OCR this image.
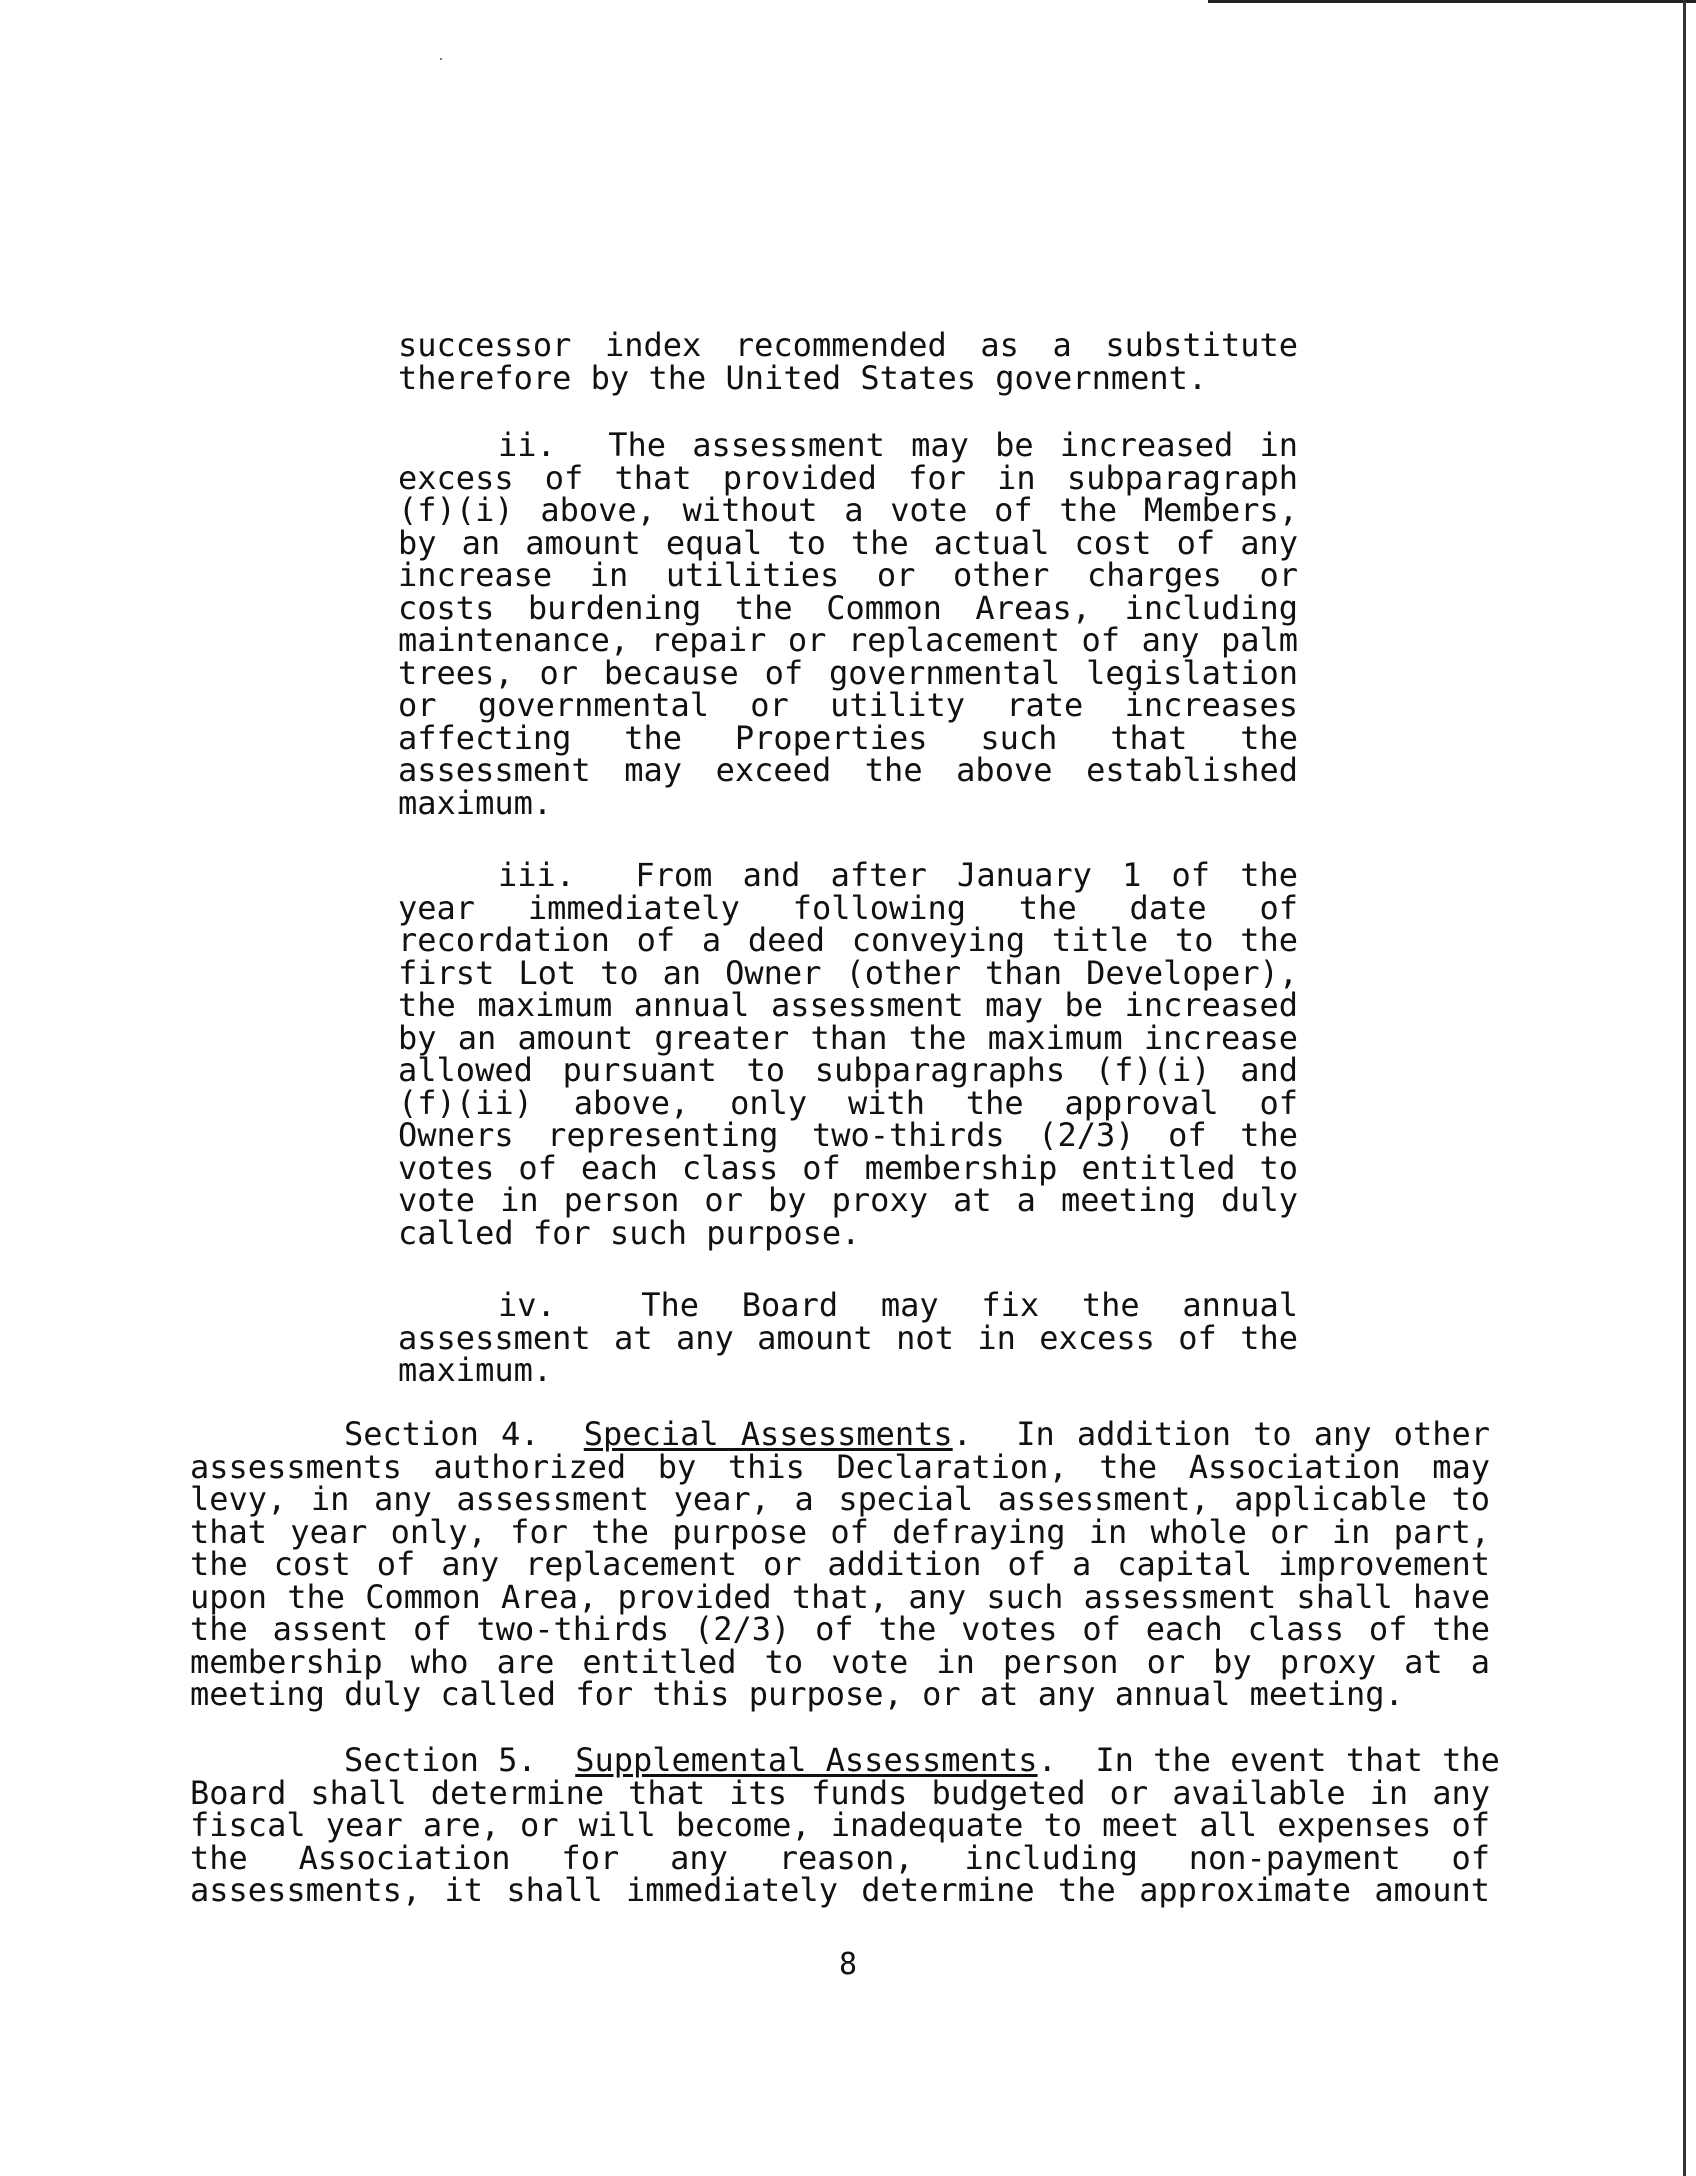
successor index recommended as a substitute
therefore by the United States government.
ii.  The assessment may be increased in
excess of that provided for in subparagraph
(f)(i) above, without a vote of the Members,
by an amount equal to the actual cost of any
increase in utilities or other charges or
costs burdening the Common Areas, including
maintenance, repair or replacement of any palm
trees, or because of governmental legislation
or governmental or utility rate increases
affecting the Properties such that the
assessment may exceed the above established
maximum.
iii.  From and after January 1 of the
year immediately following the date of
recordation of a deed conveying title to the
first Lot to an Owner (other than Developer),
the maximum annual assessment may be increased
by an amount greater than the maximum increase
allowed pursuant to subparagraphs (f)(i) and
(f)(ii) above, only with the approval of
Owners representing two-thirds (2/3) of the
votes of each class of membership entitled to
vote in person or by proxy at a meeting duly
called for such purpose.
iv.  The Board may fix the annual
assessment at any amount not in excess of the
maximum.
Section 4. Special Assessments.  In addition to any other
assessments authorized by this Declaration, the Association may
levy, in any assessment year, a special assessment, applicable to
that year only, for the purpose of defraying in whole or in part,
the cost of any replacement or addition of a capital improvement
upon the Common Area, provided that, any such assessment shall have
the assent of two-thirds (2/3) of the votes of each class of the
membership who are entitled to vote in person or by proxy at a
meeting duly called for this purpose, or at any annual meeting.
Section 5. Supplemental Assessments.  In the event that the
Board shall determine that its funds budgeted or available in any
fiscal year are, or will become, inadequate to meet all expenses of
the Association for any reason, including non-payment of
assessments, it shall immediately determine the approximate amount
8
